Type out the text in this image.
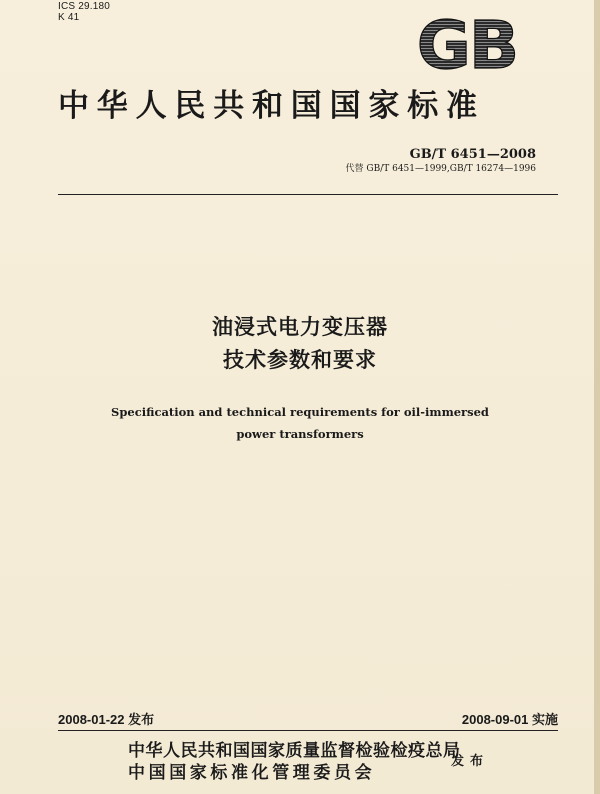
ICS 29.180
K 41	GB
中华人民共和国国家标准
GB/T 6451—2008
代替 GB/T 6451—1999,GB/T 16274—1996
油浸式电力变压器
技术参数和要求
Specification and technical requirements for oil-immersed
power transformers
2008-01-22 发布	2008-09-01 实施
中华人民共和国国家质量监督检验检疫总局
中国国家标准化管理委员会
发布
